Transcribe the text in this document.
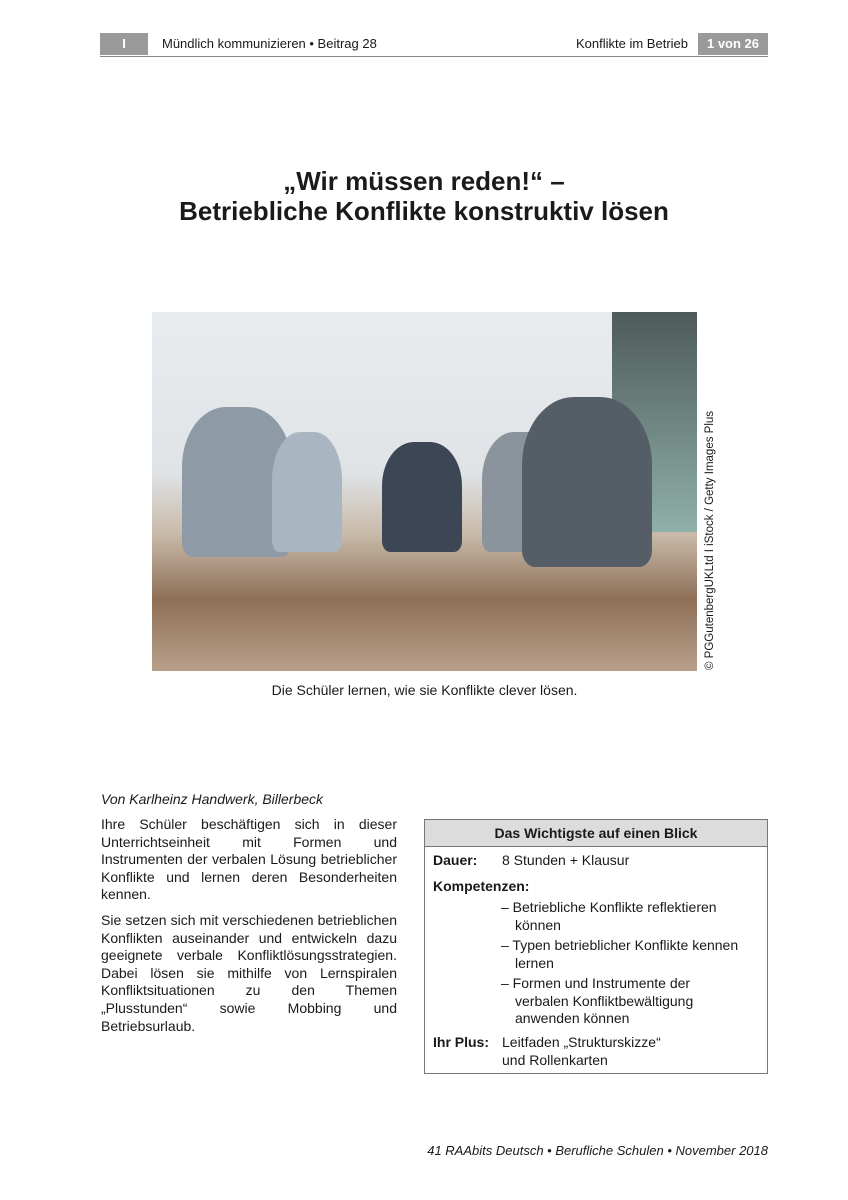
I	Mündlich kommunizieren • Beitrag 28	Konflikte im Betrieb	1 von 26
„Wir müssen reden!“ –
Betriebliche Konflikte konstruktiv lösen
© PGGutenbergUKLtd I iStock / Getty Images Plus
Die Schüler lernen, wie sie Konflikte clever lösen.
Von Karlheinz Handwerk, Billerbeck

Ihre Schüler beschäftigen sich in dieser Unterrichtseinheit mit Formen und Instrumenten der verbalen Lösung betrieblicher Konflikte und lernen deren Besonderheiten kennen.

Sie setzen sich mit verschiedenen betrieblichen Konflikten auseinander und entwickeln dazu geeignete verbale Konfliktlösungsstrategien. Dabei lösen sie mithilfe von Lernspiralen Konfliktsituationen zu den Themen „Plusstunden“ sowie Mobbing und Betriebsurlaub.

Das Wichtigste auf einen Blick
Dauer: 8 Stunden + Klausur
Kompetenzen:
– Betriebliche Konflikte reflektieren können
– Typen betrieblicher Konflikte kennen lernen
– Formen und Instrumente der verbalen Konfliktbewältigung anwenden können
Ihr Plus: Leitfaden „Strukturskizze“
und Rollenkarten
41 RAAbits Deutsch • Berufliche Schulen • November 2018
